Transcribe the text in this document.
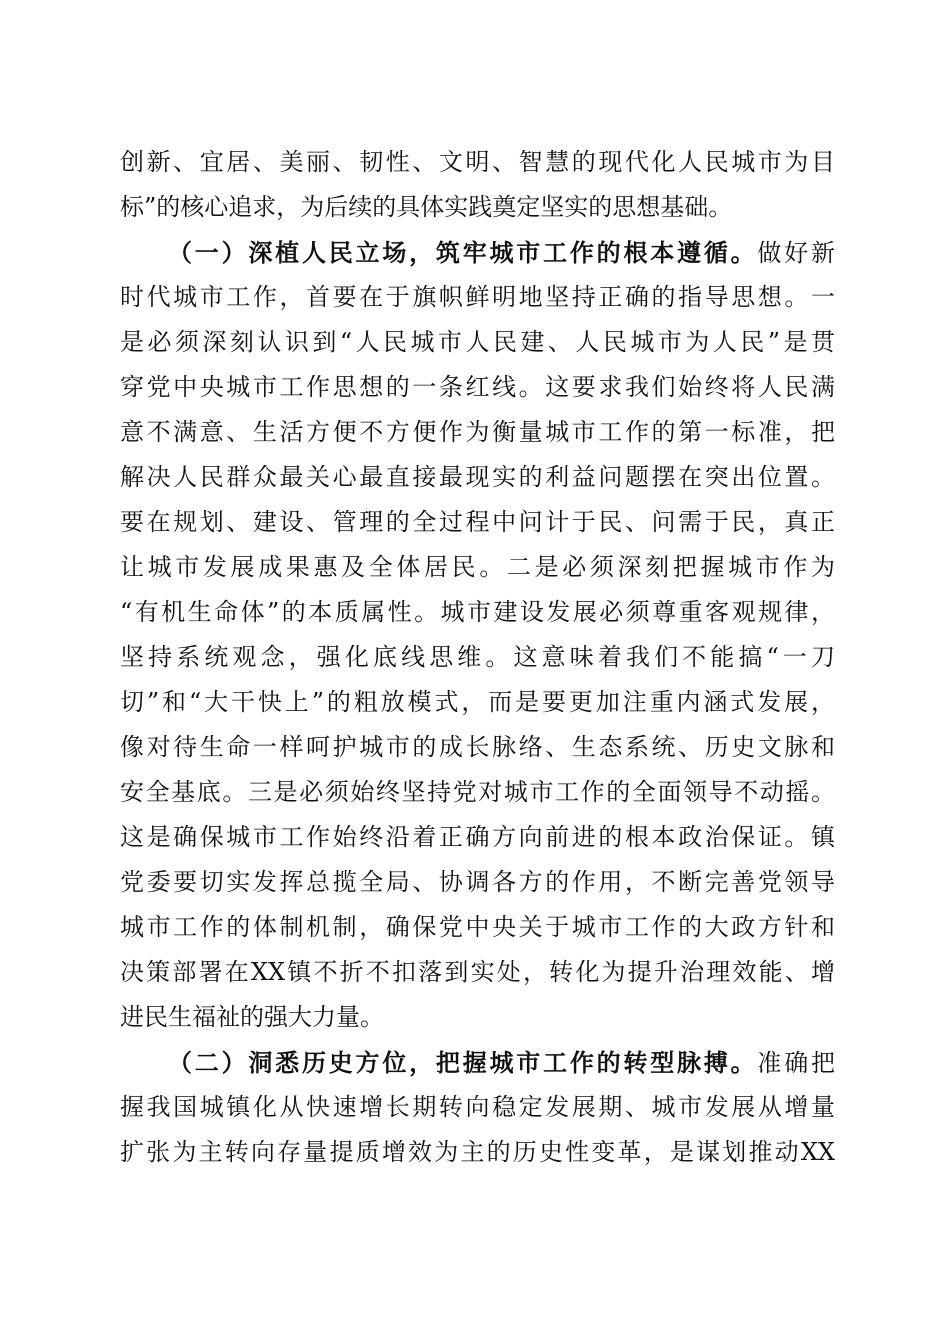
创新、宜居、美丽、韧性、文明、智慧的现代化人民城市为目
标”的核心追求，为后续的具体实践奠定坚实的思想基础。
（一）深植人民立场，筑牢城市工作的根本遵循。做好新
时代城市工作，首要在于旗帜鲜明地坚持正确的指导思想。一
是必须深刻认识到“人民城市人民建、人民城市为人民”是贯
穿党中央城市工作思想的一条红线。这要求我们始终将人民满
意不满意、生活方便不方便作为衡量城市工作的第一标准，把
解决人民群众最关心最直接最现实的利益问题摆在突出位置。
要在规划、建设、管理的全过程中问计于民、问需于民，真正
让城市发展成果惠及全体居民。二是必须深刻把握城市作为
“有机生命体”的本质属性。城市建设发展必须尊重客观规律，
坚持系统观念，强化底线思维。这意味着我们不能搞“一刀
切”和“大干快上”的粗放模式，而是要更加注重内涵式发展，
像对待生命一样呵护城市的成长脉络、生态系统、历史文脉和
安全基底。三是必须始终坚持党对城市工作的全面领导不动摇。
这是确保城市工作始终沿着正确方向前进的根本政治保证。镇
党委要切实发挥总揽全局、协调各方的作用，不断完善党领导
城市工作的体制机制，确保党中央关于城市工作的大政方针和
决策部署在XX镇不折不扣落到实处，转化为提升治理效能、增
进民生福祉的强大力量。
（二）洞悉历史方位，把握城市工作的转型脉搏。准确把
握我国城镇化从快速增长期转向稳定发展期、城市发展从增量
扩张为主转向存量提质增效为主的历史性变革，是谋划推动XX
